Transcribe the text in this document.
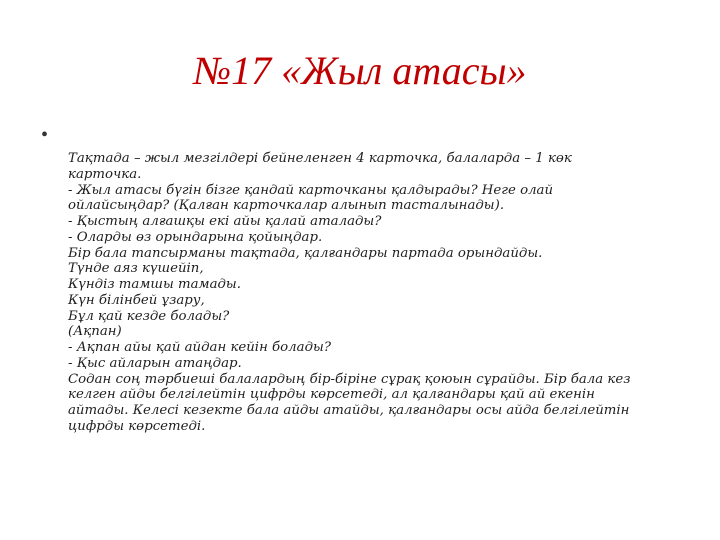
№17 «Жыл атасы»
•
Тақтада – жыл мезгілдері бейнеленген 4 карточка, балаларда – 1 көк
карточка.
- Жыл атасы бүгін бізге қандай карточканы қалдырады? Неге олай
ойлайсыңдар? (Қалған карточкалар алынып тасталынады).
- Қыстың алғашқы екі айы қалай аталады?
- Оларды өз орындарына қойыңдар.
Бір бала тапсырманы тақтада, қалғандары партада орындайды.
Түнде аяз күшейіп,
Күндіз тамшы тамады.
Күн білінбей ұзару,
Бұл қай кезде болады?
(Ақпан)
- Ақпан айы қай айдан кейін болады?
- Қыс айларын атаңдар.
Содан соң тәрбиеші балалардың бір-біріне сұрақ қоюын сұрайды. Бір бала кез
келген айды белгілейтін цифрды көрсетеді, ал қалғандары қай ай екенін
айтады. Келесі кезекте бала айды атайды, қалғандары осы айда белгілейтін
цифрды көрсетеді.
